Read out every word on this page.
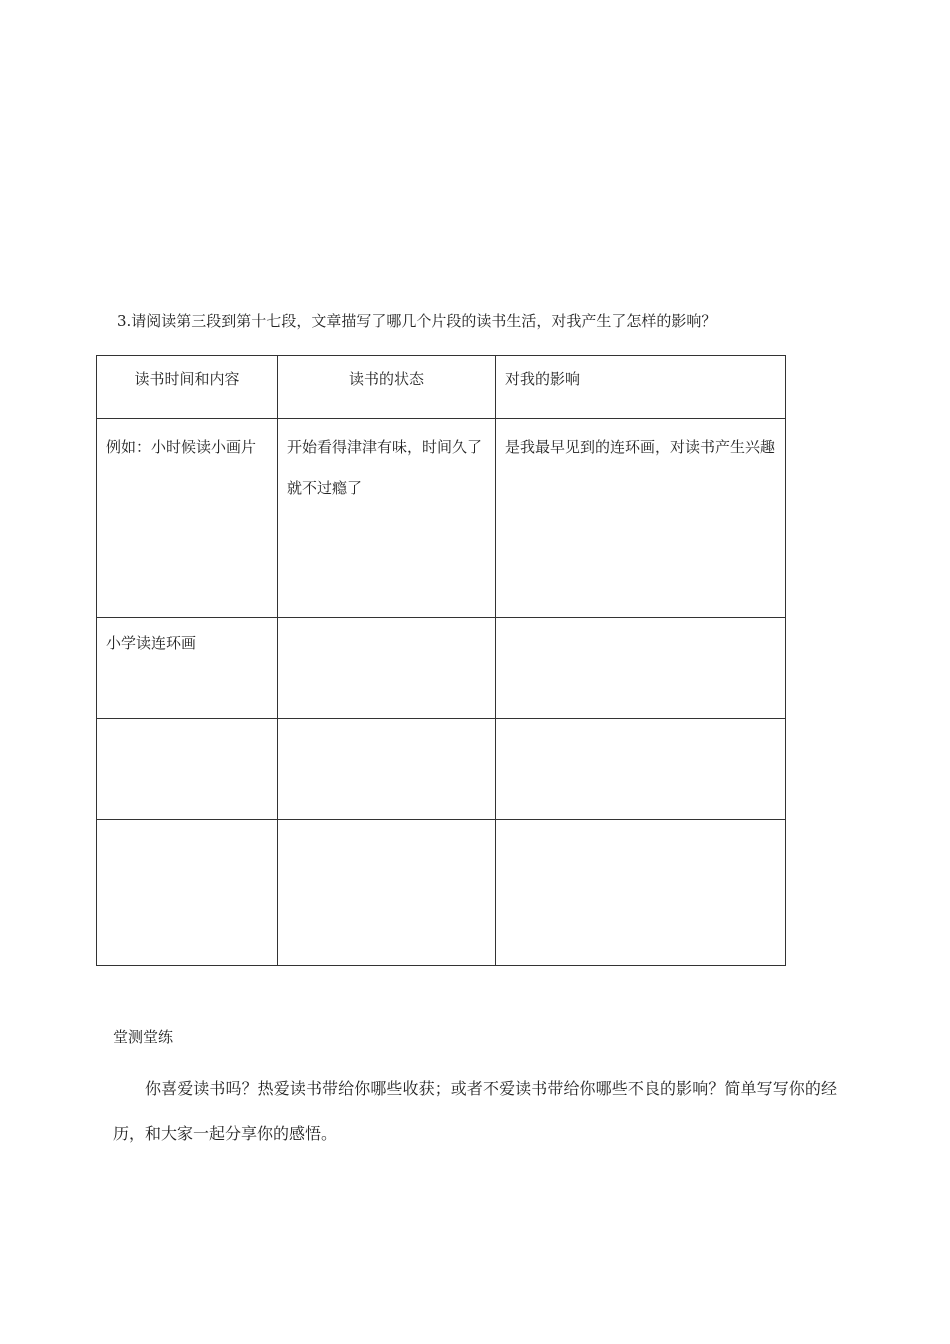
3.请阅读第三段到第十七段，文章描写了哪几个片段的读书生活，对我产生了怎样的影响？

读书时间和内容	读书的状态	对我的影响
例如：小时候读小画片	开始看得津津有味，时间久了就不过瘾了	是我最早见到的连环画，对读书产生兴趣
小学读连环画		

堂测堂练

你喜爱读书吗？热爱读书带给你哪些收获；或者不爱读书带给你哪些不良的影响？简单写写你的经历，和大家一起分享你的感悟。
